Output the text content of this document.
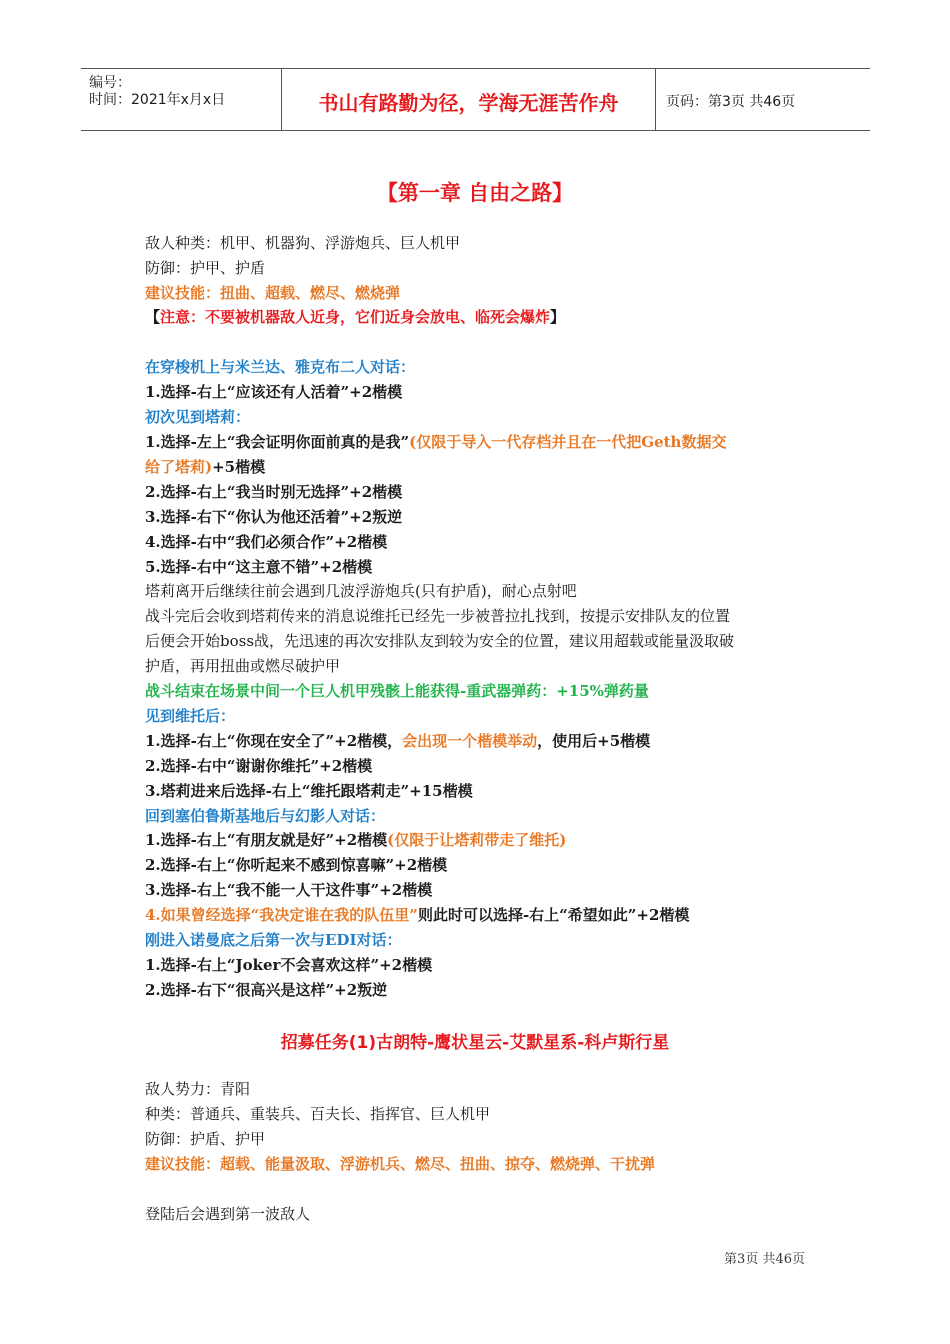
编号：
时间：2021年x月x日	书山有路勤为径，学海无涯苦作舟	页码：第3页 共46页
【第一章 自由之路】
敌人种类：机甲、机器狗、浮游炮兵、巨人机甲
防御：护甲、护盾
建议技能：扭曲、超载、燃尽、燃烧弹
【注意：不要被机器敌人近身，它们近身会放电、临死会爆炸】
在穿梭机上与米兰达、雅克布二人对话：
1.选择-右上“应该还有人活着”+2楷模
初次见到塔莉：
1.选择-左上“我会证明你面前真的是我”(仅限于导入一代存档并且在一代把Geth数据交
给了塔莉)+5楷模
2.选择-右上“我当时别无选择”+2楷模
3.选择-右下“你认为他还活着”+2叛逆
4.选择-右中“我们必须合作”+2楷模
5.选择-右中“这主意不错”+2楷模
塔莉离开后继续往前会遇到几波浮游炮兵(只有护盾)，耐心点射吧
战斗完后会收到塔莉传来的消息说维托已经先一步被普拉扎找到，按提示安排队友的位置
后便会开始boss战，先迅速的再次安排队友到较为安全的位置，建议用超载或能量汲取破
护盾，再用扭曲或燃尽破护甲
战斗结束在场景中间一个巨人机甲残骸上能获得-重武器弹药：+15%弹药量
见到维托后：
1.选择-右上“你现在安全了”+2楷模，会出现一个楷模举动，使用后+5楷模
2.选择-右中“谢谢你维托”+2楷模
3.塔莉进来后选择-右上“维托跟塔莉走”+15楷模
回到塞伯鲁斯基地后与幻影人对话：
1.选择-右上“有朋友就是好”+2楷模(仅限于让塔莉带走了维托)
2.选择-右上“你听起来不感到惊喜嘛”+2楷模
3.选择-右上“我不能一人干这件事”+2楷模
4.如果曾经选择“我决定谁在我的队伍里”则此时可以选择-右上“希望如此”+2楷模
刚进入诺曼底之后第一次与EDI对话：
1.选择-右上“Joker不会喜欢这样”+2楷模
2.选择-右下“很高兴是这样”+2叛逆
招募任务(1)古朗特-鹰状星云-艾默星系-科卢斯行星
敌人势力：青阳
种类：普通兵、重装兵、百夫长、指挥官、巨人机甲
防御：护盾、护甲
建议技能：超载、能量汲取、浮游机兵、燃尽、扭曲、掠夺、燃烧弹、干扰弹
登陆后会遇到第一波敌人
第3页 共46页
